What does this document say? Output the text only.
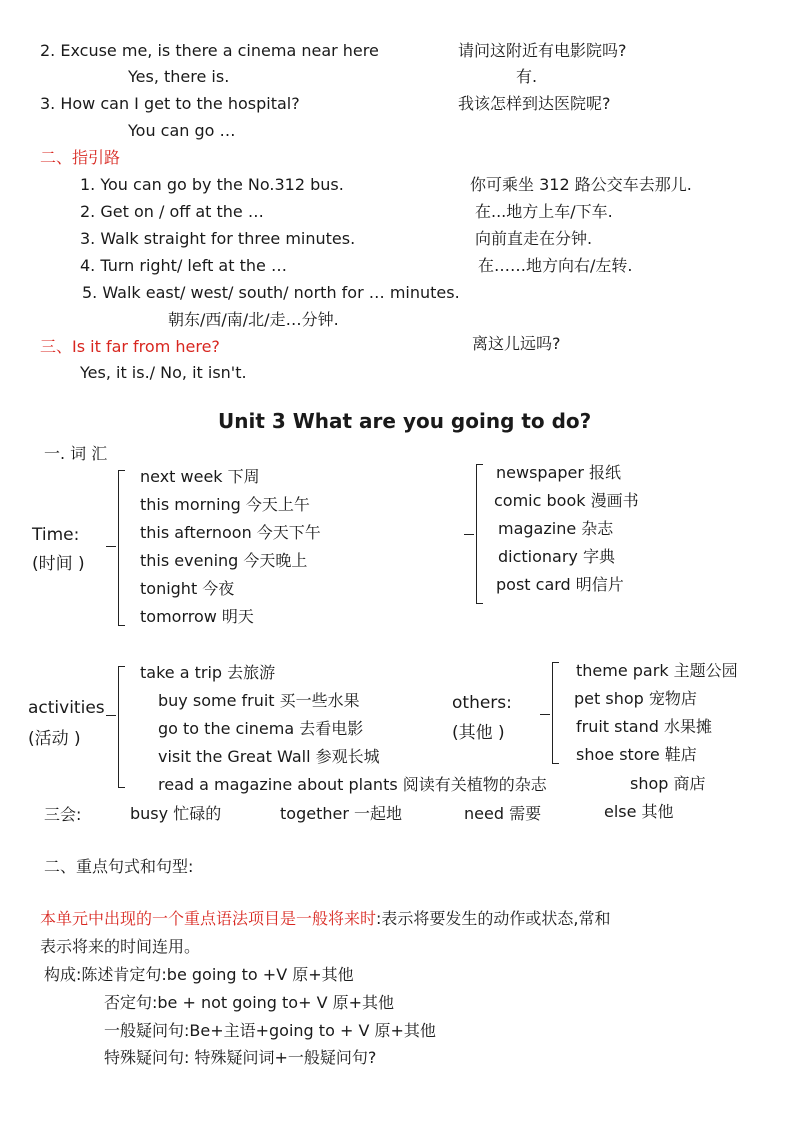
2. Excuse me, is there a cinema near here	请问这附近有电影院吗?
Yes, there is.	有.
3. How can I get to the hospital?	我该怎样到达医院呢?
You can go …
二、指引路
1. You can go by the No.312 bus.	你可乘坐 312 路公交车去那儿.
2. Get on / off at the …	在...地方上车/下车.
3. Walk straight for three minutes.	向前直走在分钟.
4. Turn right/ left at the …	在……地方向右/左转.
5. Walk east/ west/ south/ north for … minutes.
朝东/西/南/北/走…分钟.
三、Is it far from here?	离这儿远吗?
Yes, it is./ No, it isn't.
Unit 3 What are you going to do?
一. 词 汇
Time:
(时间 )
next week 下周
this morning 今天上午
this afternoon 今天下午
this evening 今天晚上
tonight 今夜
tomorrow 明天
newspaper 报纸
comic book 漫画书
magazine 杂志
dictionary 字典
post card 明信片
activities
(活动 )
take a trip 去旅游
buy some fruit 买一些水果
go to the cinema 去看电影
visit the Great Wall 参观长城
read a magazine about plants 阅读有关植物的杂志
others:
(其他 )
theme park 主题公园
pet shop 宠物店
fruit stand 水果摊
shoe store 鞋店
shop 商店
三会:	busy 忙碌的	together 一起地	need 需要	else 其他
二、重点句式和句型:
本单元中出现的一个重点语法项目是一般将来时:表示将要发生的动作或状态,常和
表示将来的时间连用。
构成:陈述肯定句:be going to +V 原+其他
否定句:be + not going to+ V 原+其他
一般疑问句:Be+主语+going to + V 原+其他
特殊疑问句: 特殊疑问词+一般疑问句?
